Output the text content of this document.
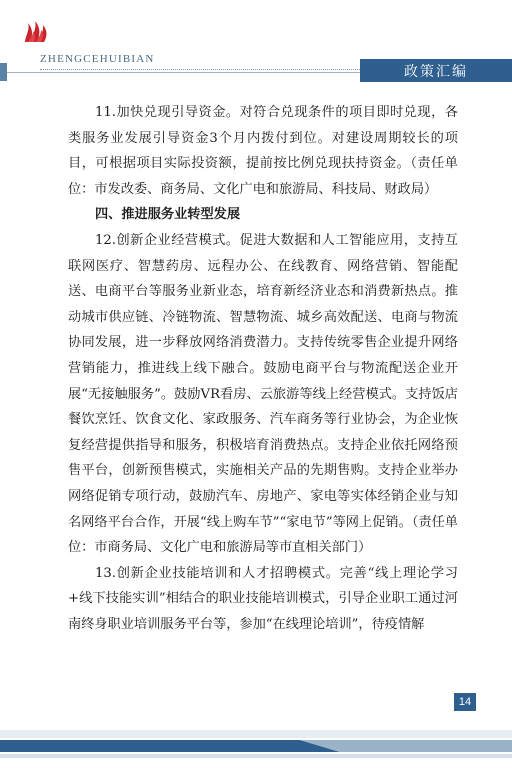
ZHENGCEHUIBIAN
政策汇编

11.加快兑现引导资金。对符合兑现条件的项目即时兑现，各类服务业发展引导资金3个月内拨付到位。对建设周期较长的项目，可根据项目实际投资额，提前按比例兑现扶持资金。（责任单位：市发改委、商务局、文化广电和旅游局、科技局、财政局）

四、推进服务业转型发展

12.创新企业经营模式。促进大数据和人工智能应用，支持互联网医疗、智慧药房、远程办公、在线教育、网络营销、智能配送、电商平台等服务业新业态，培育新经济业态和消费新热点。推动城市供应链、冷链物流、智慧物流、城乡高效配送、电商与物流协同发展，进一步释放网络消费潜力。支持传统零售企业提升网络营销能力，推进线上线下融合。鼓励电商平台与物流配送企业开展“无接触服务”。鼓励VR看房、云旅游等线上经营模式。支持饭店餐饮烹饪、饮食文化、家政服务、汽车商务等行业协会，为企业恢复经营提供指导和服务，积极培育消费热点。支持企业依托网络预售平台，创新预售模式，实施相关产品的先期售购。支持企业举办网络促销专项行动，鼓励汽车、房地产、家电等实体经销企业与知名网络平台合作，开展“线上购车节”“家电节”等网上促销。（责任单位：市商务局、文化广电和旅游局等市直相关部门）

13.创新企业技能培训和人才招聘模式。完善“线上理论学习+线下技能实训”相结合的职业技能培训模式，引导企业职工通过河南终身职业培训服务平台等，参加“在线理论培训”，待疫情解

14
